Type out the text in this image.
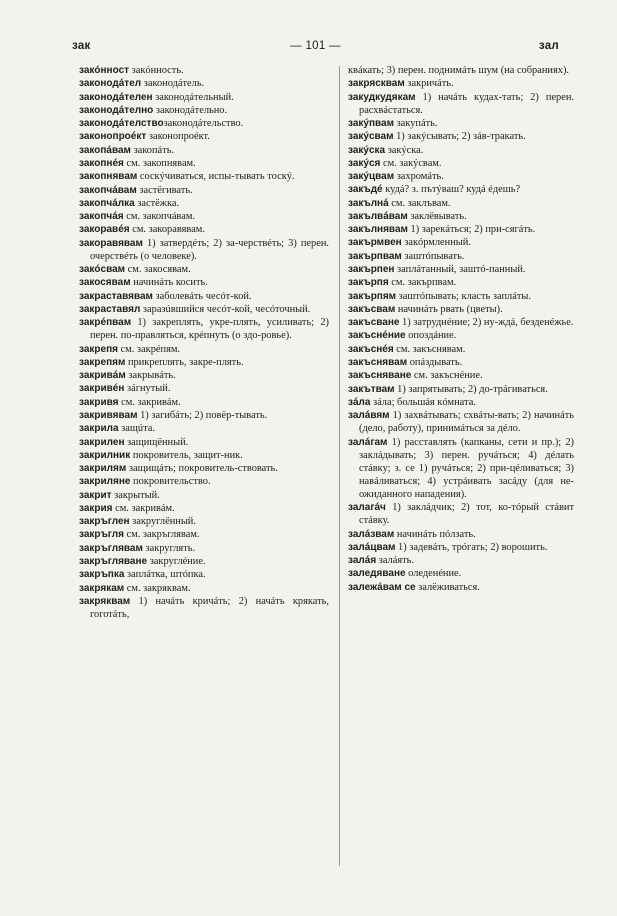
зак	— 101 —	зал

закóнност закóнность.

законодáтел законодáтель.

законодáтелен законодáтельный.

законодáтелно законодáтельно.

законодáтелствозаконодáтельство.

законопроéкт законопроéкт.

закопáвам закопáть.

закопнéя см. закопнявам.

закопнявам соскýчиваться, испы-тывать тоскý.

закопчáвам застёгивать.

закопчáлка застёжка.

закопчáя см. закопчáвам.

закоравéя см. закоравявам.

закоравявам 1) затвердéть; 2) за-черствéть; 3) перен. очерствéть (о человеке).

закóсвам см. закосявам.

закосявам начинáть косить.

закраставявам заболевáть чесóт-кой.

закраставял заразúвшийся чесóт-кой, чесóточный.

закрéпвам 1) закреплять, укре-плять, усиливать; 2) перен. по-правляться, крéпнуть (о здо-ровье).

закрепя см. закрéпям.

закрепям прикреплять, закре-плять.

закривáм закрывáть.

закривéн зáгнутый.

закривя см. закривáм.

закривявам 1) загибáть; 2) повёр-тывать.

закрила защúта.

закрилен защищённый.

закрилник покровитель, защит-ник.

закрилям защищáть; покровитель-ствовать.

закриляне покровительство.

закрит закрытый.

закрия см. закривáм.

закръглен закруглённый.

закръгля см. закръглявам.

закръглявам закруглять.

закръгляване закруглéние.

закръпка заплáтка, штóпка.

закрякам см. закряквам.

закряквам 1) начáть кричáть; 2) начáть крякать, гоготáть,

квáкать; 3) перен. поднимáть шум (на собраниях).

закрясквам закричáть.

закудкудякам 1) начáть кудах-тать; 2) перен. расхвáстаться.

закýпвам закупáть.

закýсвам 1) закýсывать; 2) зáв-тракать.

закýска закýска.

закýся см. закýсвам.

закýцвам захромáть.

закъдé кудá? з. пътýваш? кудá éдешь?

закълнá см. заклъвам.

закълвáвам заклёвывать.

закълнявам 1) зарекáться; 2) при-сягáть.

закърмвен закóрмленный.

закърпвам заштóпывать.

закърпен заплáтанный, заштó-панный.

закърпя см. закърпвам.

закърпям заштóпывать; класть заплáты.

закъсвам начинáть рвать (цветы).

закъсване 1) затруднéние; 2) ну-ждá, безденéжье.

закъснéние опоздáние.

закъснéя см. закъснявам.

закъснявам опáздывать.

закъсняване см. закъснéние.

закътвам 1) запрятывать; 2) до-трáгиваться.

зáла зáла; большáя кóмната.

залáвям 1) захвáтывать; схвáты-вать; 2) начинáть (дело, работу), принимáться за дéло.

залáгам 1) расставлять (капканы, сети и пр.); 2) заклáдывать; 3) перен. ручáться; 4) дéлать стáвку; з. се 1) ручáться; 2) при-цéливаться; 3) навáливаться; 4) устрáивать засáду (для не-ожиданного нападения).

залагáч 1) заклáдчик; 2) тот, ко-тóрый стáвит стáвку.

залáзвам начинáть пóлзать.

залáцвам 1) задевáть, трóгать; 2) ворошить.

залáя залáять.

заледяване оледенéние.

залежáвам се залёживаться.
